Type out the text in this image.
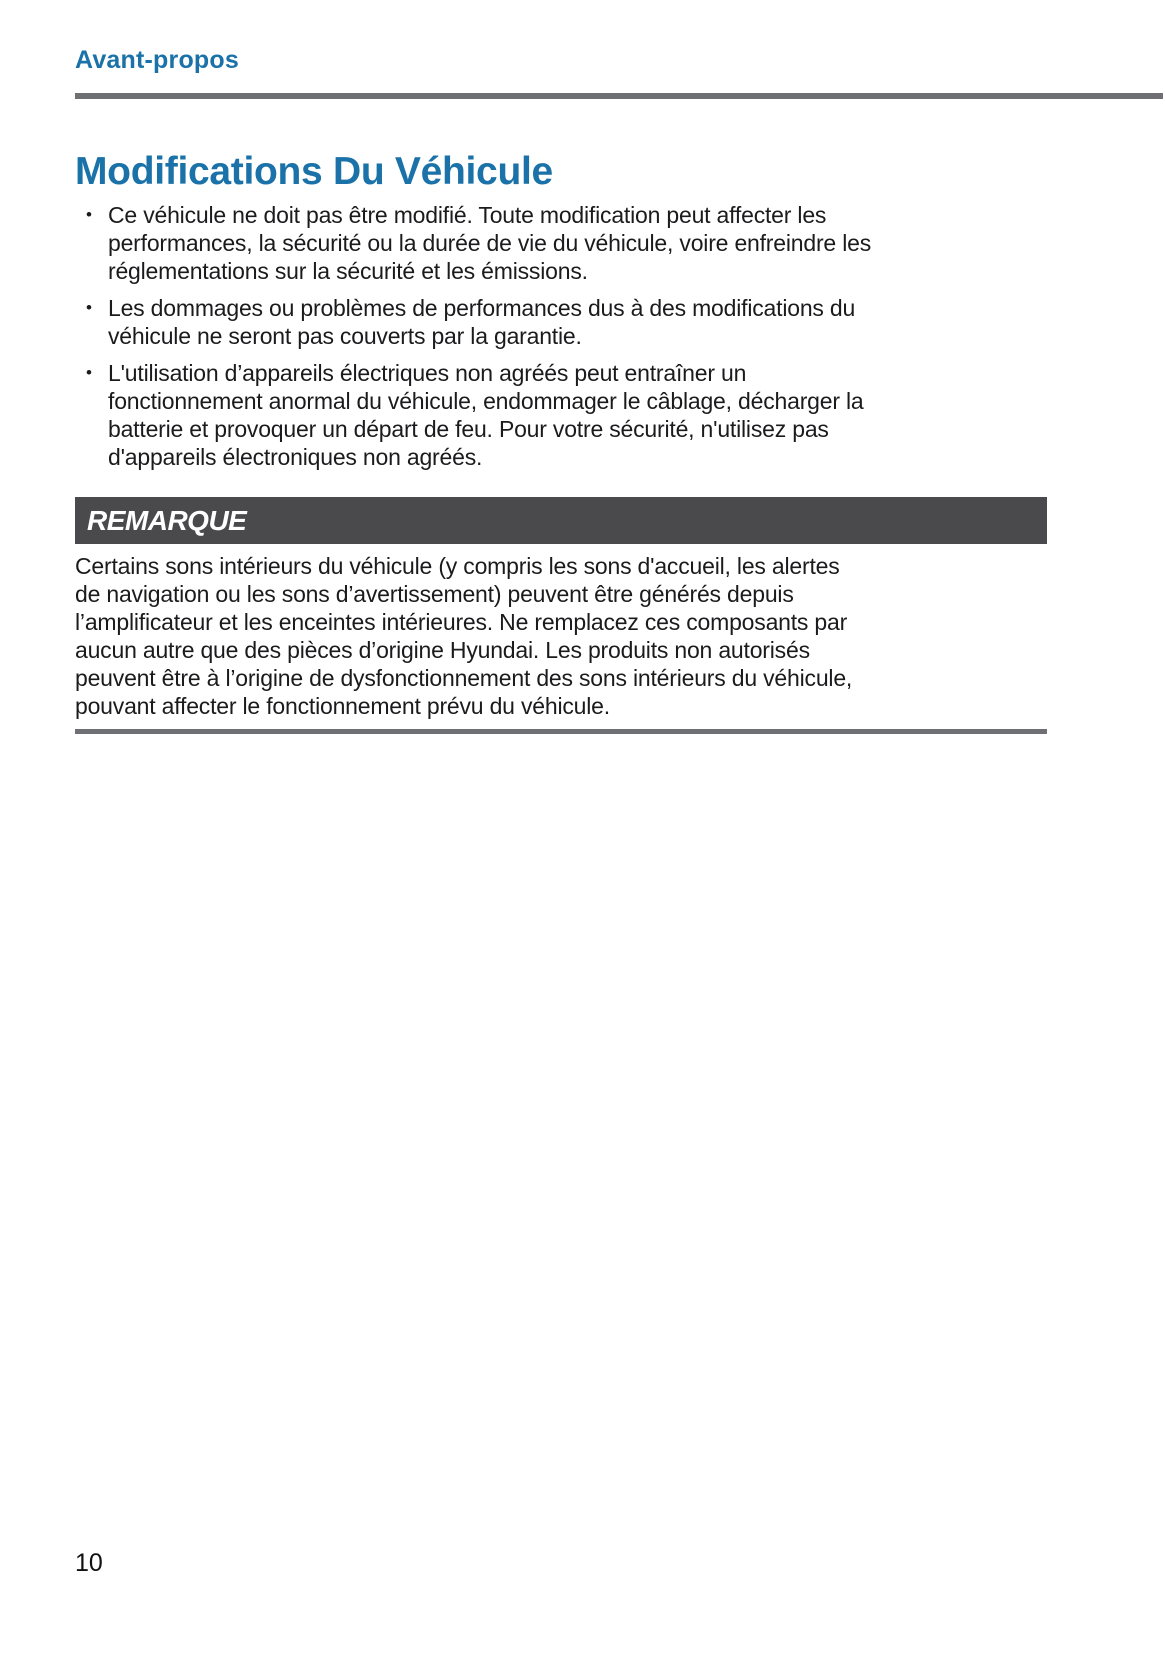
Avant-propos
Modifications Du Véhicule
• Ce véhicule ne doit pas être modifié. Toute modification peut affecter les
performances, la sécurité ou la durée de vie du véhicule, voire enfreindre les
réglementations sur la sécurité et les émissions.
• Les dommages ou problèmes de performances dus à des modifications du
véhicule ne seront pas couverts par la garantie.
• L'utilisation d’appareils électriques non agréés peut entraîner un
fonctionnement anormal du véhicule, endommager le câblage, décharger la
batterie et provoquer un départ de feu. Pour votre sécurité, n'utilisez pas
d'appareils électroniques non agréés.
REMARQUE
Certains sons intérieurs du véhicule (y compris les sons d'accueil, les alertes
de navigation ou les sons d’avertissement) peuvent être générés depuis
l’amplificateur et les enceintes intérieures. Ne remplacez ces composants par
aucun autre que des pièces d’origine Hyundai. Les produits non autorisés
peuvent être à l’origine de dysfonctionnement des sons intérieurs du véhicule,
pouvant affecter le fonctionnement prévu du véhicule.
10
